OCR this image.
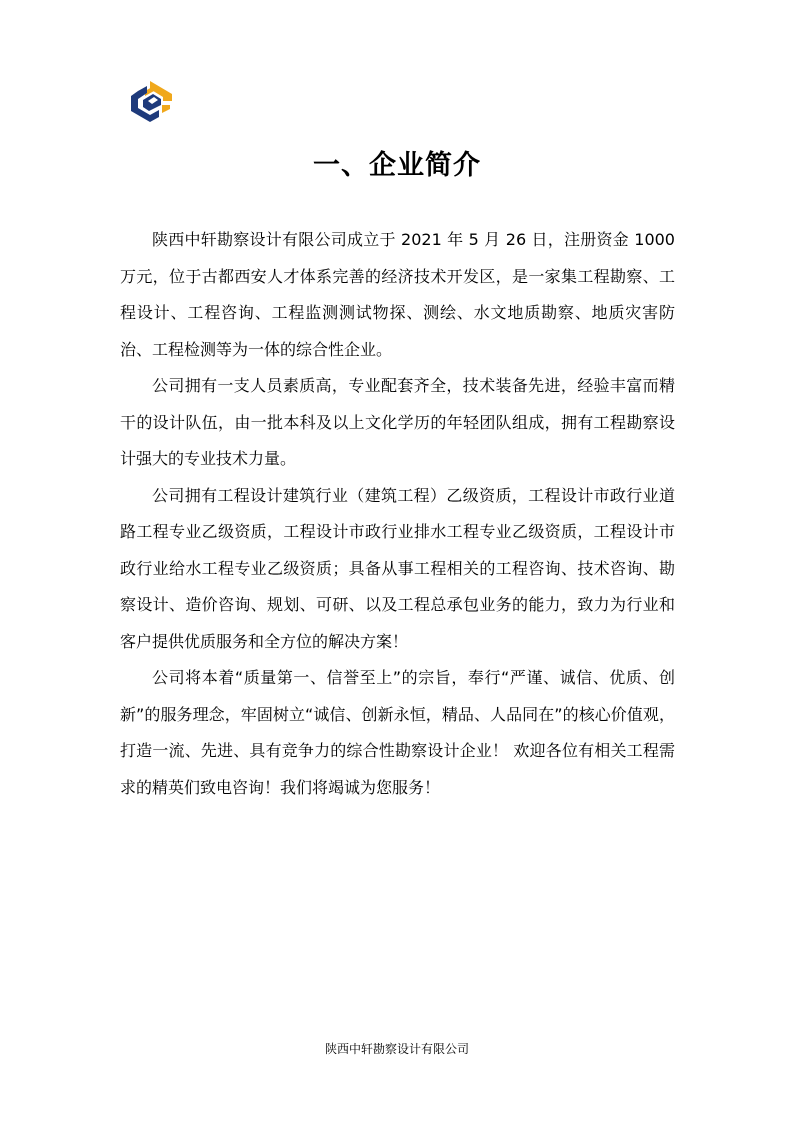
一、企业简介

陕西中轩勘察设计有限公司成立于 2021 年 5 月 26 日，注册资金 1000 万元，位于古都西安人才体系完善的经济技术开发区，是一家集工程勘察、工程设计、工程咨询、工程监测测试物探、测绘、水文地质勘察、地质灾害防治、工程检测等为一体的综合性企业。

公司拥有一支人员素质高，专业配套齐全，技术装备先进，经验丰富而精干的设计队伍，由一批本科及以上文化学历的年轻团队组成，拥有工程勘察设计强大的专业技术力量。

公司拥有工程设计建筑行业（建筑工程）乙级资质，工程设计市政行业道路工程专业乙级资质，工程设计市政行业排水工程专业乙级资质，工程设计市政行业给水工程专业乙级资质；具备从事工程相关的工程咨询、技术咨询、勘察设计、造价咨询、规划、可研、以及工程总承包业务的能力，致力为行业和客户提供优质服务和全方位的解决方案！

公司将本着“质量第一、信誉至上”的宗旨，奉行“严谨、诚信、优质、创新”的服务理念，牢固树立“诚信、创新永恒，精品、人品同在”的核心价值观，打造一流、先进、具有竞争力的综合性勘察设计企业！ 欢迎各位有相关工程需求的精英们致电咨询！我们将竭诚为您服务！

陕西中轩勘察设计有限公司
